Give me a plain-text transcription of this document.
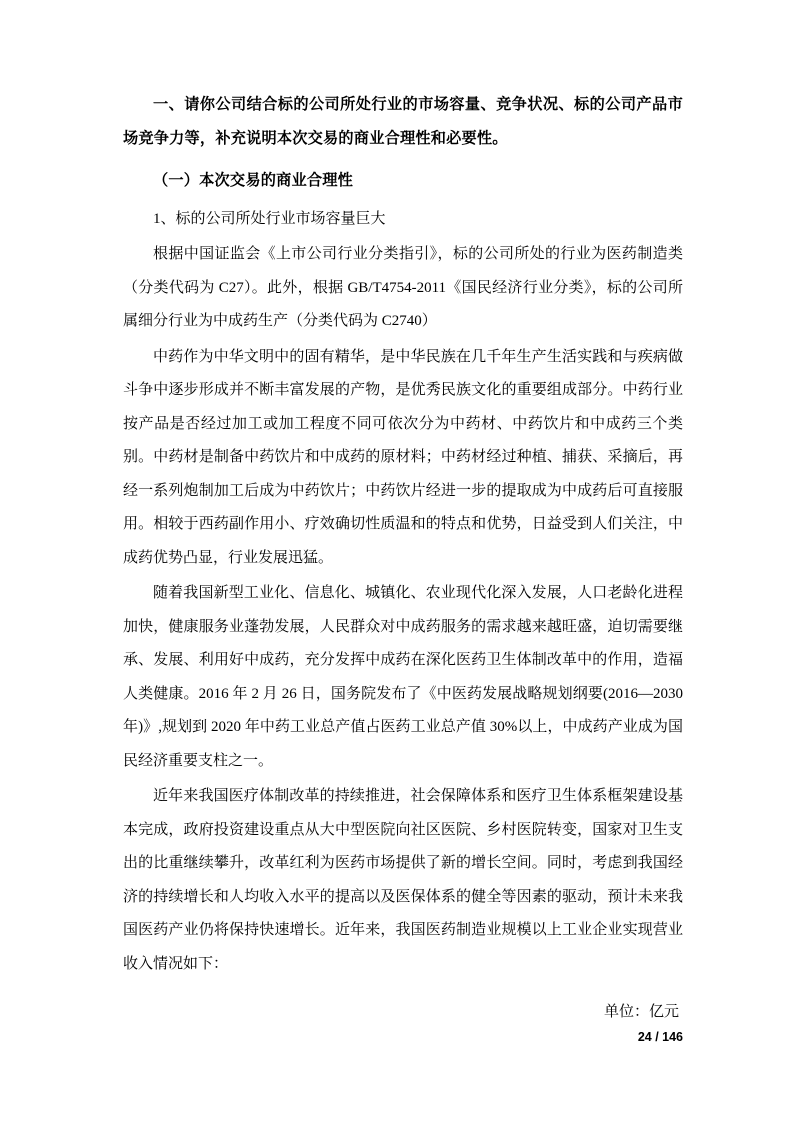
一、请你公司结合标的公司所处行业的市场容量、竞争状况、标的公司产品市场竞争力等，补充说明本次交易的商业合理性和必要性。

（一）本次交易的商业合理性

1、标的公司所处行业市场容量巨大

根据中国证监会《上市公司行业分类指引》，标的公司所处的行业为医药制造类（分类代码为 C27）。此外，根据 GB/T4754-2011《国民经济行业分类》，标的公司所属细分行业为中成药生产（分类代码为 C2740）

中药作为中华文明中的固有精华，是中华民族在几千年生产生活实践和与疾病做斗争中逐步形成并不断丰富发展的产物，是优秀民族文化的重要组成部分。中药行业按产品是否经过加工或加工程度不同可依次分为中药材、中药饮片和中成药三个类别。中药材是制备中药饮片和中成药的原材料；中药材经过种植、捕获、采摘后，再经一系列炮制加工后成为中药饮片；中药饮片经进一步的提取成为中成药后可直接服用。相较于西药副作用小、疗效确切性质温和的特点和优势，日益受到人们关注，中成药优势凸显，行业发展迅猛。

随着我国新型工业化、信息化、城镇化、农业现代化深入发展，人口老龄化进程加快，健康服务业蓬勃发展，人民群众对中成药服务的需求越来越旺盛，迫切需要继承、发展、利用好中成药，充分发挥中成药在深化医药卫生体制改革中的作用，造福人类健康。2016 年 2 月 26 日，国务院发布了《中医药发展战略规划纲要(2016—2030 年)》,规划到 2020 年中药工业总产值占医药工业总产值 30%以上，中成药产业成为国民经济重要支柱之一。

近年来我国医疗体制改革的持续推进，社会保障体系和医疗卫生体系框架建设基本完成，政府投资建设重点从大中型医院向社区医院、乡村医院转变，国家对卫生支出的比重继续攀升，改革红利为医药市场提供了新的增长空间。同时，考虑到我国经济的持续增长和人均收入水平的提高以及医保体系的健全等因素的驱动，预计未来我国医药产业仍将保持快速增长。近年来，我国医药制造业规模以上工业企业实现营业收入情况如下：

单位：亿元

24 / 146
